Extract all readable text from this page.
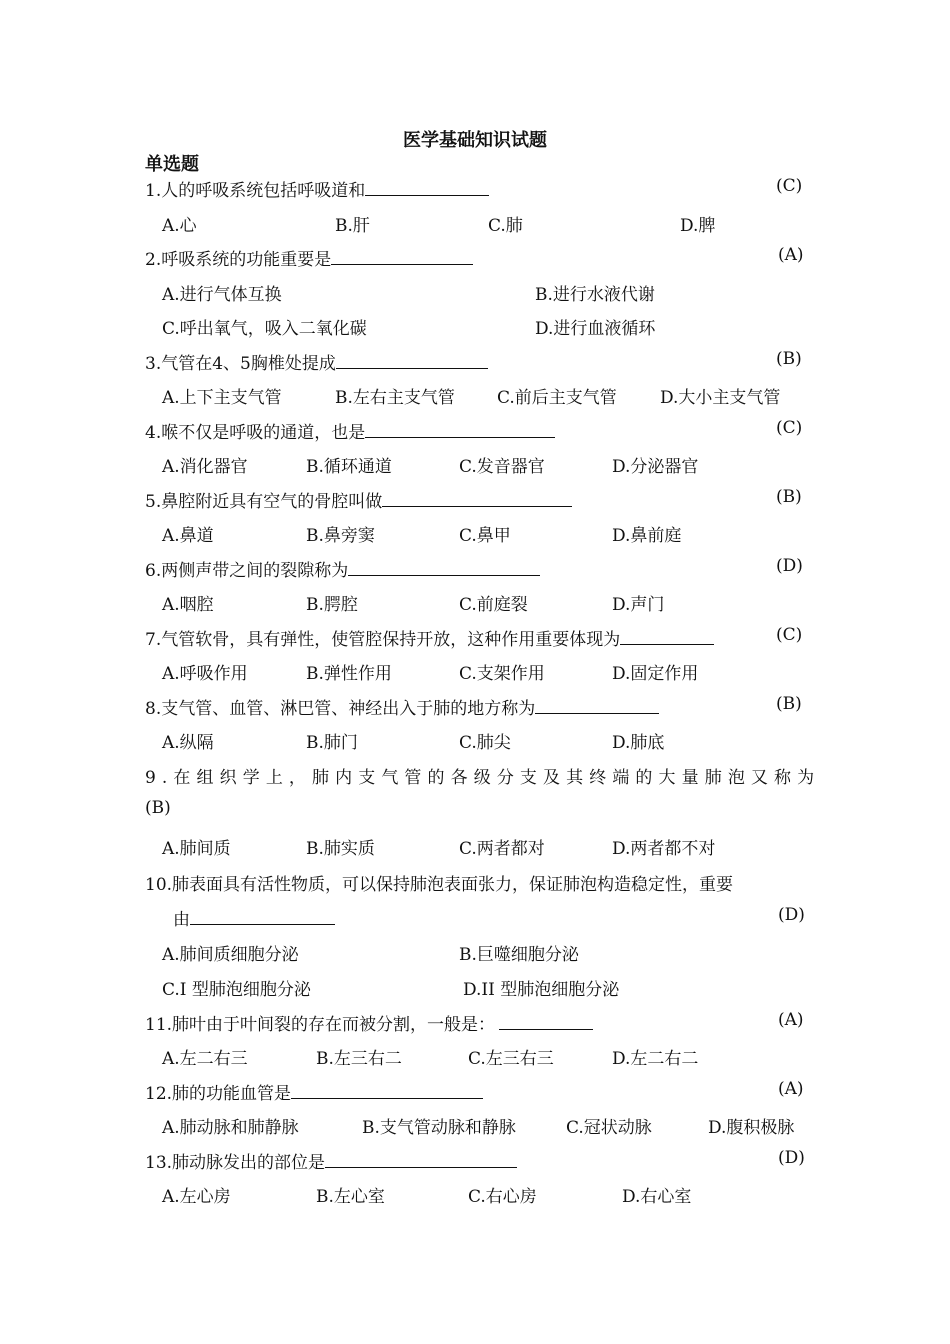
医学基础知识试题
单选题
1.人的呼吸系统包括呼吸道和	(C)
A.心	B.肝	C.肺	D.脾
2.呼吸系统的功能重要是	(A)
A.进行气体互换	B.进行水液代谢
C.呼出氧气，吸入二氧化碳	D.进行血液循环
3.气管在4、5胸椎处提成	(B)
A.上下主支气管	B.左右主支气管 C.前后主支气管	D.大小主支气管
4.喉不仅是呼吸的通道，也是	(C)
A.消化器官	B.循环通道	C.发音器官	D.分泌器官
5.鼻腔附近具有空气的骨腔叫做	(B)
A.鼻道	B.鼻旁窦	C.鼻甲	D.鼻前庭
6.两侧声带之间的裂隙称为	(D)
A.咽腔	B.腭腔	C.前庭裂	D.声门
7.气管软骨，具有弹性，使管腔保持开放，这种作用重要体现为	(C)
A.呼吸作用	B.弹性作用	C.支架作用	D.固定作用
8.支气管、血管、淋巴管、神经出入于肺的地方称为	(B)
A.纵隔	B.肺门	C.肺尖	D.肺底
9.在组织学上，肺内支气管的各级分支及其终端的大量肺泡又称为
(B)
A.肺间质	B.肺实质	C.两者都对	D.两者都不对
10.肺表面具有活性物质，可以保持肺泡表面张力，保证肺泡构造稳定性，重要
由	(D)
A.肺间质细胞分泌	B.巨噬细胞分泌
C.Ⅰ 型肺泡细胞分泌	D.II 型肺泡细胞分泌
11.肺叶由于叶间裂的存在而被分割，一般是：	(A)
A.左二右三	B.左三右二	C.左三右三	D.左二右二
12.肺的功能血管是	(A)
A.肺动脉和肺静脉	B.支气管动脉和静脉	C.冠状动脉	D.腹积极脉
13.肺动脉发出的部位是	(D)
A.左心房	B.左心室	C.右心房	D.右心室
